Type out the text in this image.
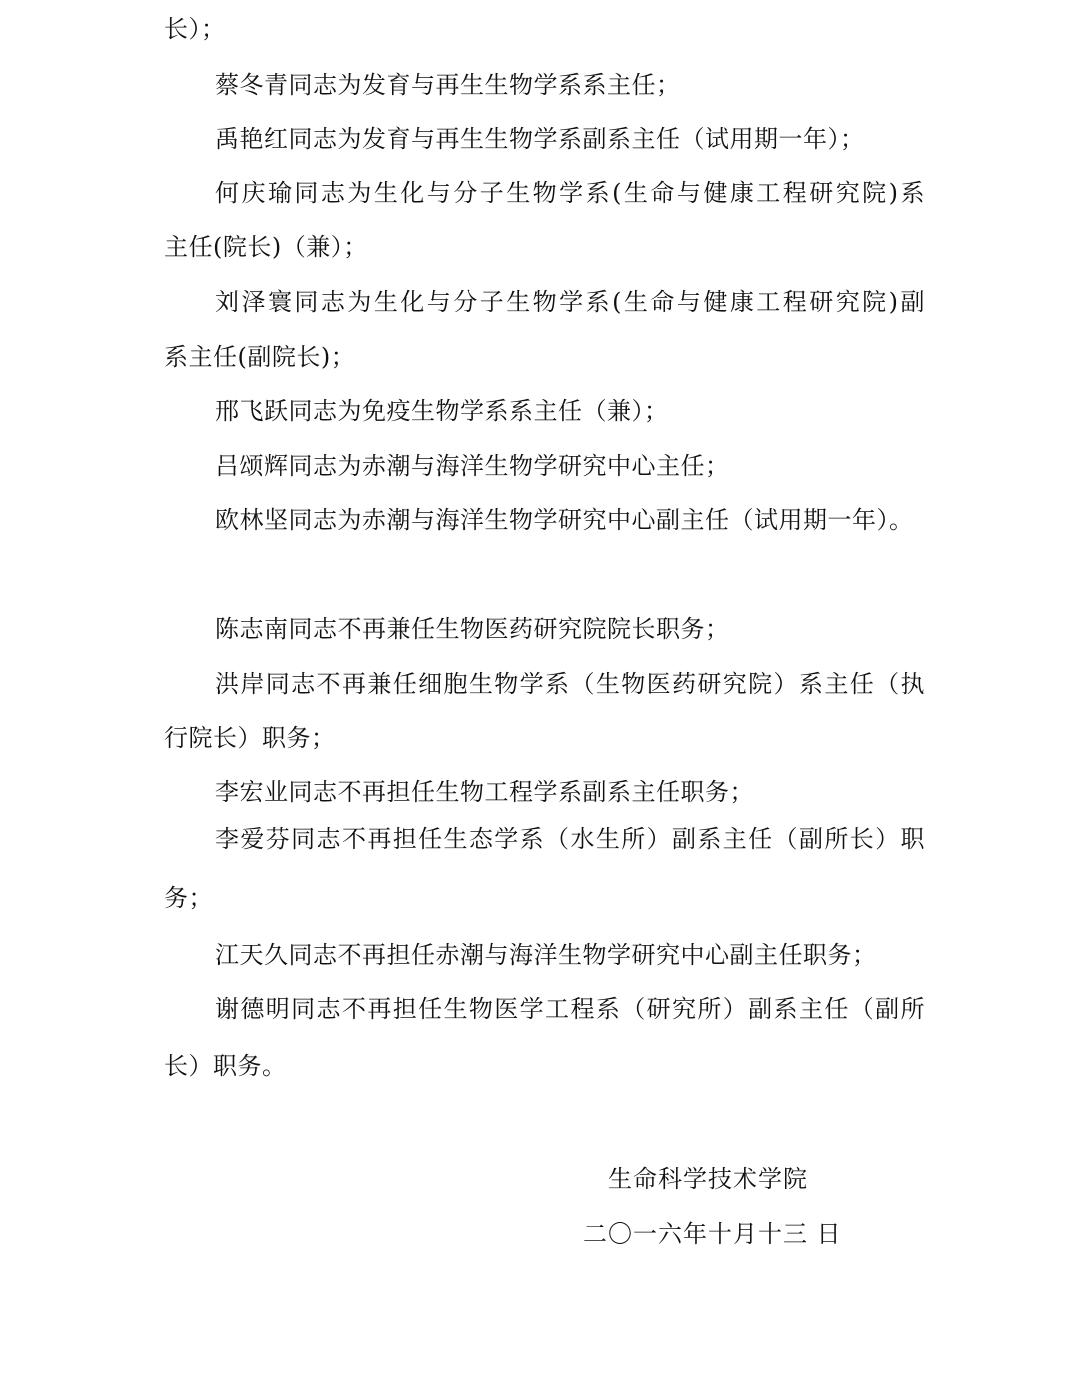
长）；
蔡冬青同志为发育与再生生物学系系主任；
禹艳红同志为发育与再生生物学系副系主任（试用期一年）；
何庆瑜同志为生化与分子生物学系(生命与健康工程研究院)系
主任(院长)（兼）；
刘泽寰同志为生化与分子生物学系(生命与健康工程研究院)副
系主任(副院长)；
邢飞跃同志为免疫生物学系系主任（兼）；
吕颂辉同志为赤潮与海洋生物学研究中心主任；
欧林坚同志为赤潮与海洋生物学研究中心副主任（试用期一年）。
陈志南同志不再兼任生物医药研究院院长职务；
洪岸同志不再兼任细胞生物学系（生物医药研究院）系主任（执
行院长）职务；
李宏业同志不再担任生物工程学系副系主任职务；
李爱芬同志不再担任生态学系（水生所）副系主任（副所长）职
务；
江天久同志不再担任赤潮与海洋生物学研究中心副主任职务；
谢德明同志不再担任生物医学工程系（研究所）副系主任（副所
长）职务。
生命科学技术学院
二〇一六年十月十三 日
